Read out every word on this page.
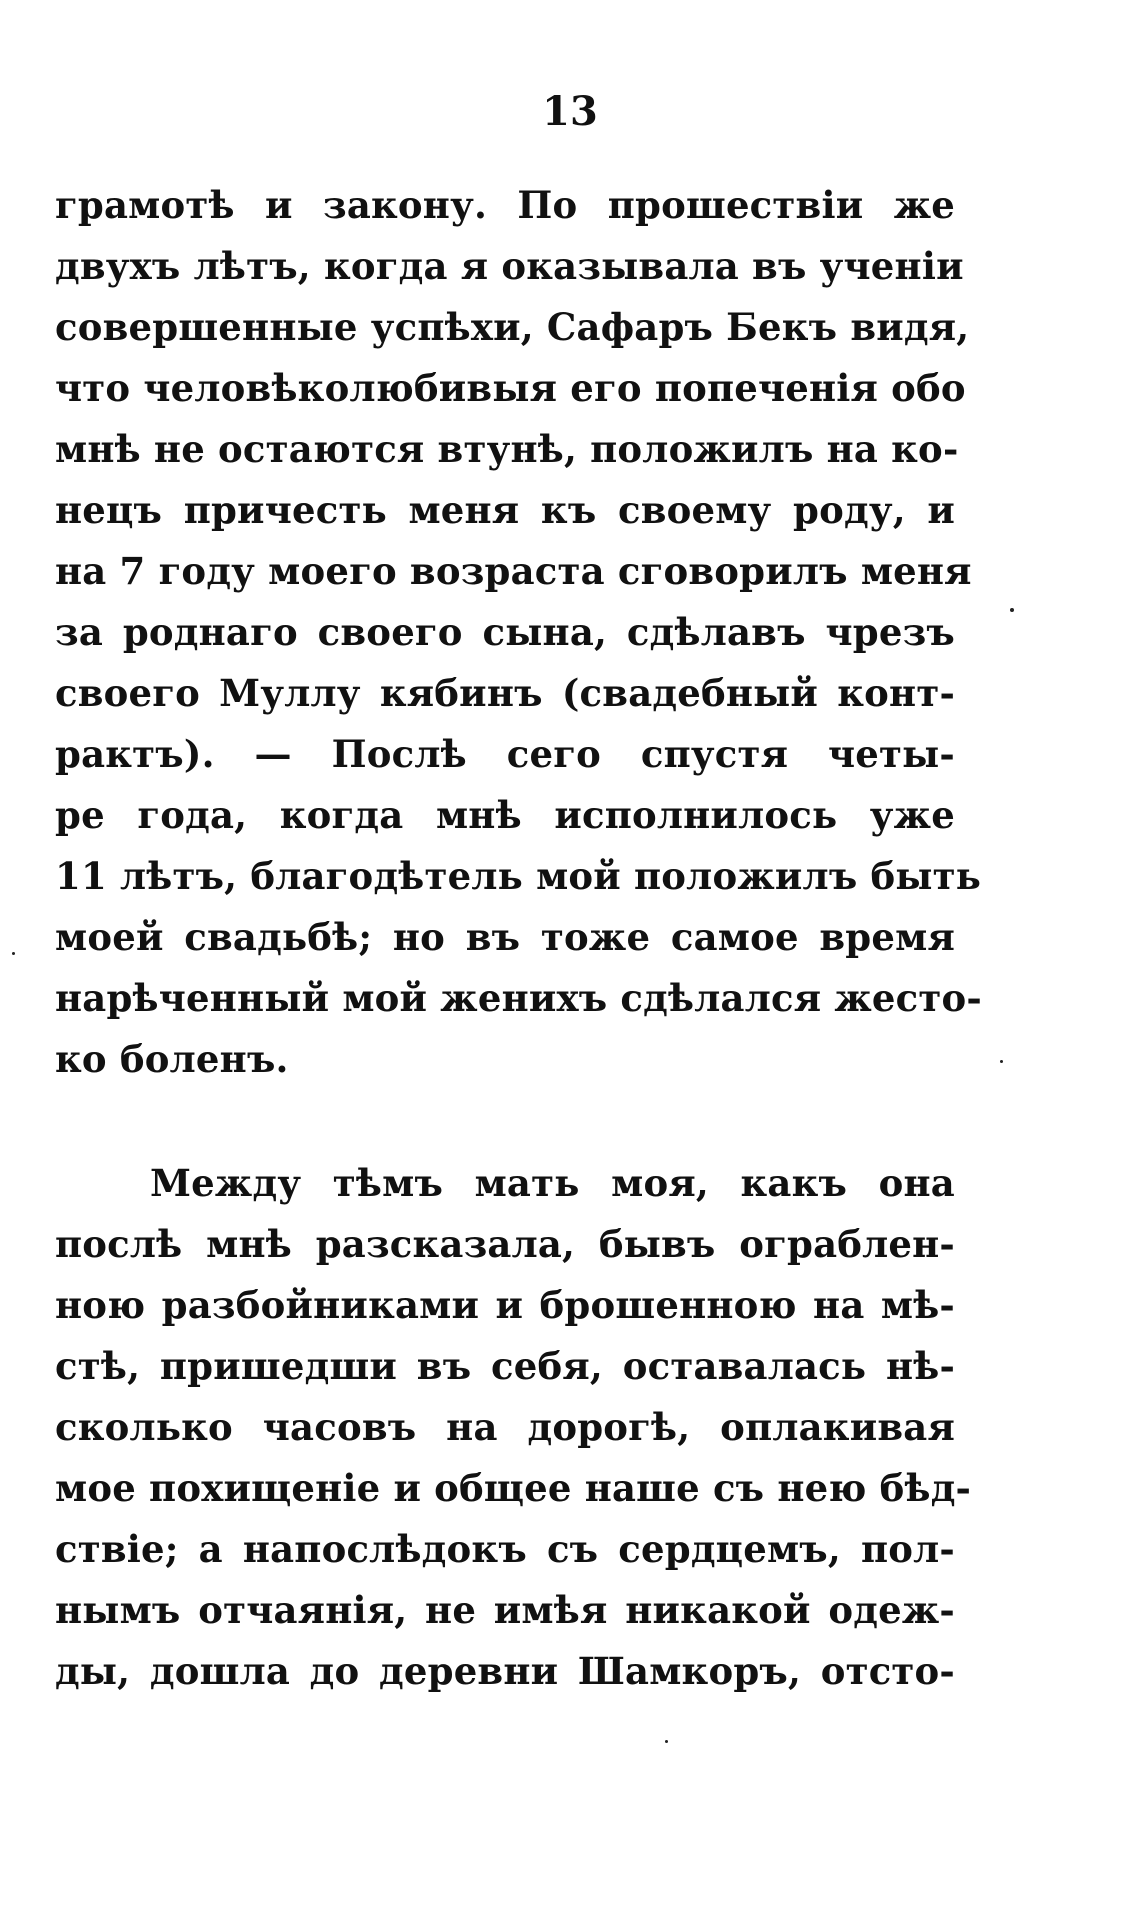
13
грамотѣ и закону. По прошествіи же
двухъ лѣтъ, когда я оказывала въ ученіи
совершенные успѣхи, Сафаръ Бекъ видя,
что человѣколюбивыя его попеченія обо
мнѣ не остаются втунѣ, положилъ на ко-
нецъ причесть меня къ своему роду, и
на 7 году моего возраста сговорилъ меня
за роднаго своего сына, сдѣлавъ чрезъ
своего Муллу кябинъ (свадебный конт-
рактъ). — Послѣ сего спустя четы-
ре года, когда мнѣ исполнилось уже
11 лѣтъ, благодѣтель мой положилъ быть
моей свадьбѣ; но въ тоже самое время
нарѣченный мой женихъ сдѣлался жесто-
ко боленъ.
Между тѣмъ мать моя, какъ она
послѣ мнѣ разсказала, бывъ ограблен-
ною разбойниками и брошенною на мѣ-
стѣ, пришедши въ себя, оставалась нѣ-
сколько часовъ на дорогѣ, оплакивая
мое похищеніе и общее наше съ нею бѣд-
ствіе; а напослѣдокъ съ сердцемъ, пол-
нымъ отчаянія, не имѣя никакой одеж-
ды, дошла до деревни Шамкоръ, отсто-
